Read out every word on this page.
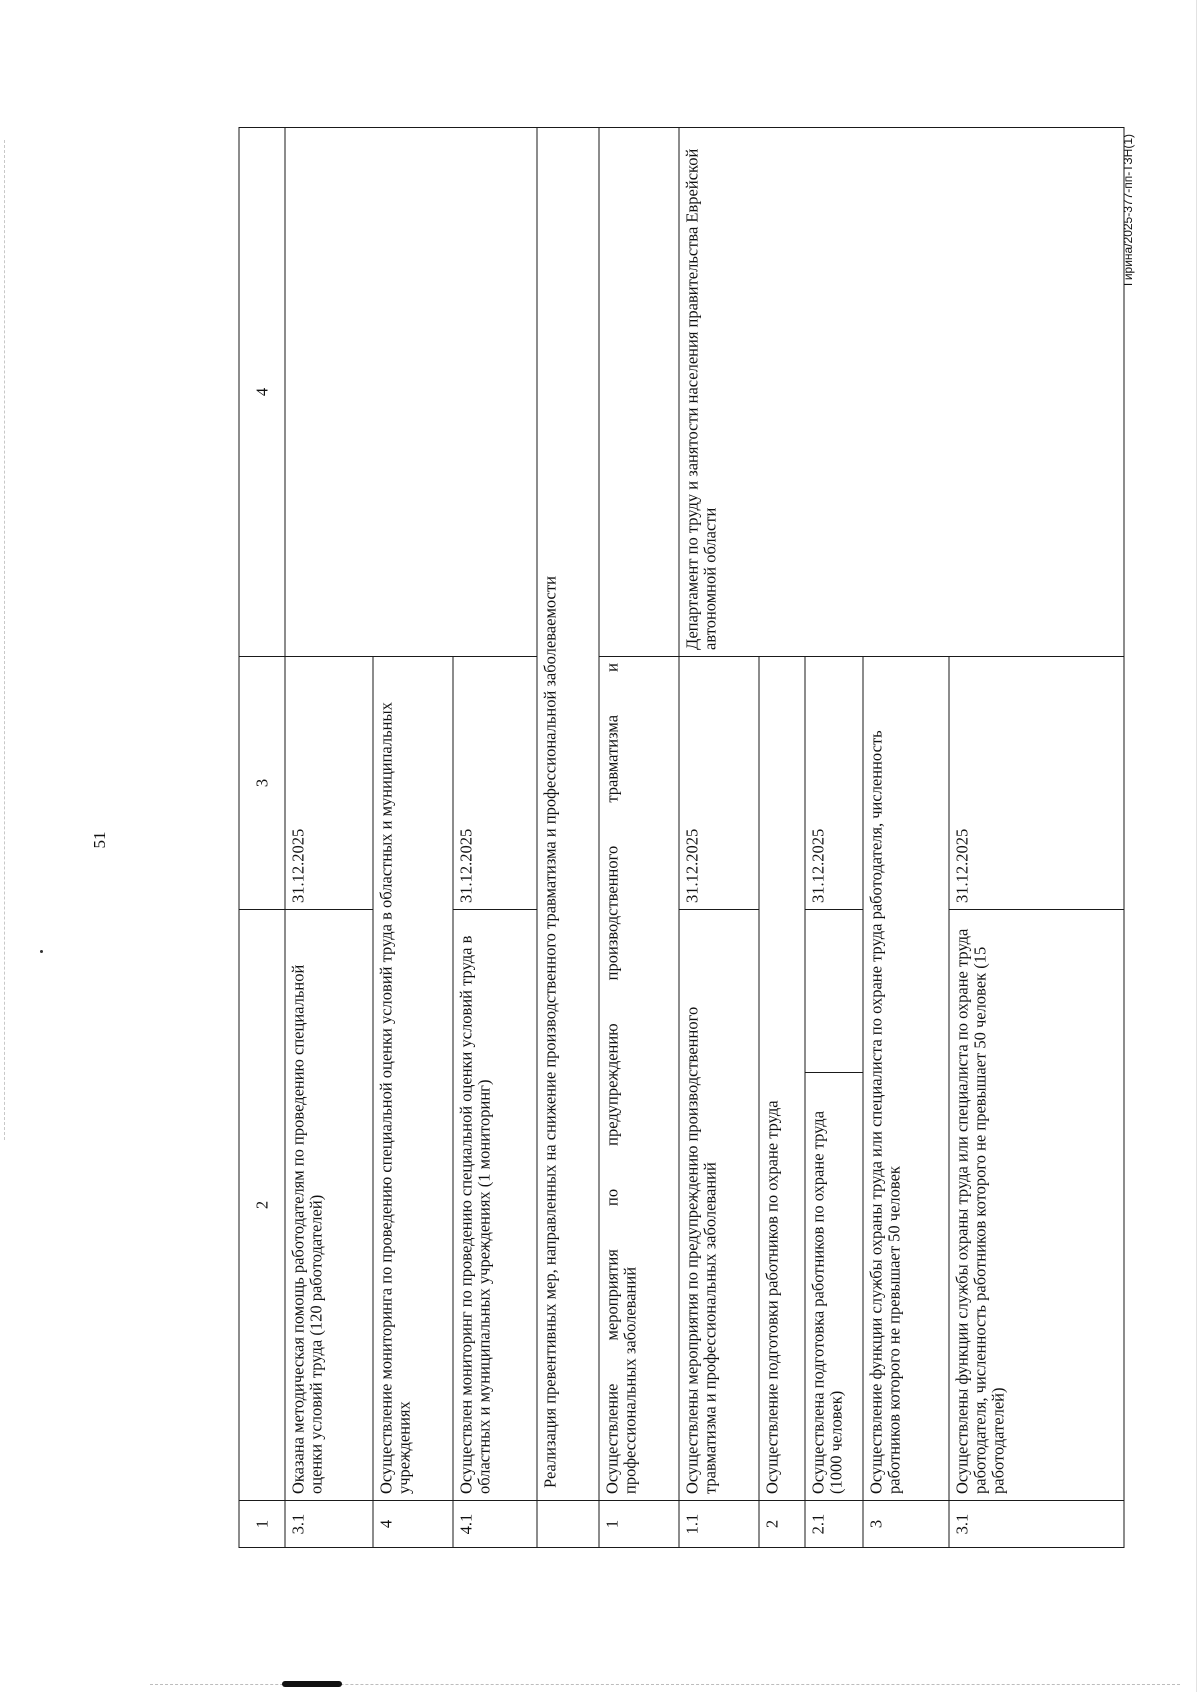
51
Гирина/2025-377-пп-ТЗН(1)
1	2		3	4
3.1	Оказана методическая помощь работодателям по проведению специальной оценки условий труда (120 работодателей)		31.12.2025	
4	Осуществление мониторинга по проведению специальной оценки условий труда в областных и муниципальных учреждениях			
4.1	Осуществлен мониторинг по проведению специальной оценки условий труда в областных и муниципальных учреждениях (1 мониторинг)		31.12.2025	
	Реализация превентивных мер, направленных на снижение производственного травматизма и профессиональной заболеваемости			
1	Осуществление мероприятия по предупреждению производственного травматизма и
профессиональных заболеваний			

1.1	Осуществлены мероприятия по предупреждению производственного травматизма и профессиональных заболеваний		31.12.2025	Департамент по труду и занятости населения правительства Еврейской автономной области
2	Осуществление подготовки работников по охране труда			
2.1	Осуществлена подготовка работников по охране труда (1000 человек)		31.12.2025	
3	Осуществление функции службы охраны труда или специалиста по охране труда работодателя, численность работников которого не превышает 50 человек			
3.1	Осуществлены функции службы охраны труда или специалиста по охране труда работодателя, численность работников которого не превышает 50 человек (15 работодателей)		31.12.2025	
